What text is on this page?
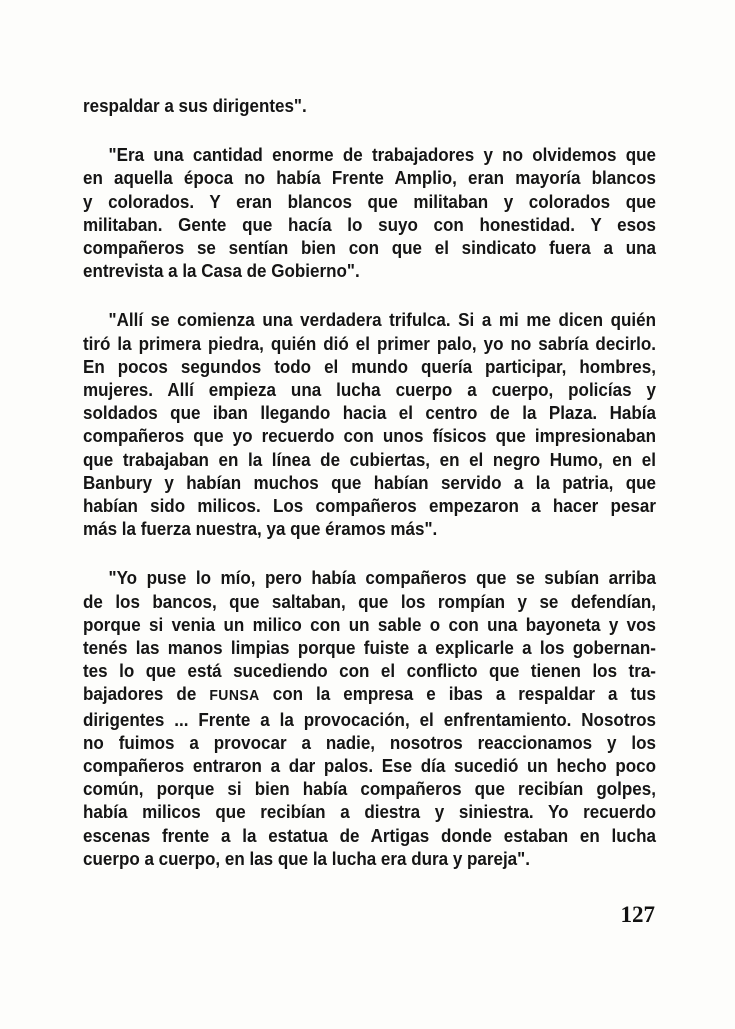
respaldar a sus dirigentes".
"Era una cantidad enorme de trabajadores y no olvidemos que
en aquella época no había Frente Amplio, eran mayoría blancos
y colorados. Y eran blancos que militaban y colorados que
militaban. Gente que hacía lo suyo con honestidad. Y esos
compañeros se sentían bien con que el sindicato fuera a una
entrevista a la Casa de Gobierno".
"Allí se comienza una verdadera trifulca. Si a mi me dicen quién
tiró la primera piedra, quién dió el primer palo, yo no sabría decirlo.
En pocos segundos todo el mundo quería participar, hombres,
mujeres. Allí empieza una lucha cuerpo a cuerpo, policías y
soldados que iban llegando hacia el centro de la Plaza. Había
compañeros que yo recuerdo con unos físicos que impresionaban
que trabajaban en la línea de cubiertas, en el negro Humo, en el
Banbury y habían muchos que habían servido a la patria, que
habían sido milicos. Los compañeros empezaron a hacer pesar
más la fuerza nuestra, ya que éramos más".
"Yo puse lo mío, pero había compañeros que se subían arriba
de los bancos, que saltaban, que los rompían y se defendían,
porque si venia un milico con un sable o con una bayoneta y vos
tenés las manos limpias porque fuiste a explicarle a los gobernan-
tes lo que está sucediendo con el conflicto que tienen los tra-
bajadores de FUNSA con la empresa e ibas a respaldar a tus
dirigentes ... Frente a la provocación, el enfrentamiento. Nosotros
no fuimos a provocar a nadie, nosotros reaccionamos y los
compañeros entraron a dar palos. Ese día sucedió un hecho poco
común, porque si bien había compañeros que recibían golpes,
había milicos que recibían a diestra y siniestra. Yo recuerdo
escenas frente a la estatua de Artigas donde estaban en lucha
cuerpo a cuerpo, en las que la lucha era dura y pareja".
127
